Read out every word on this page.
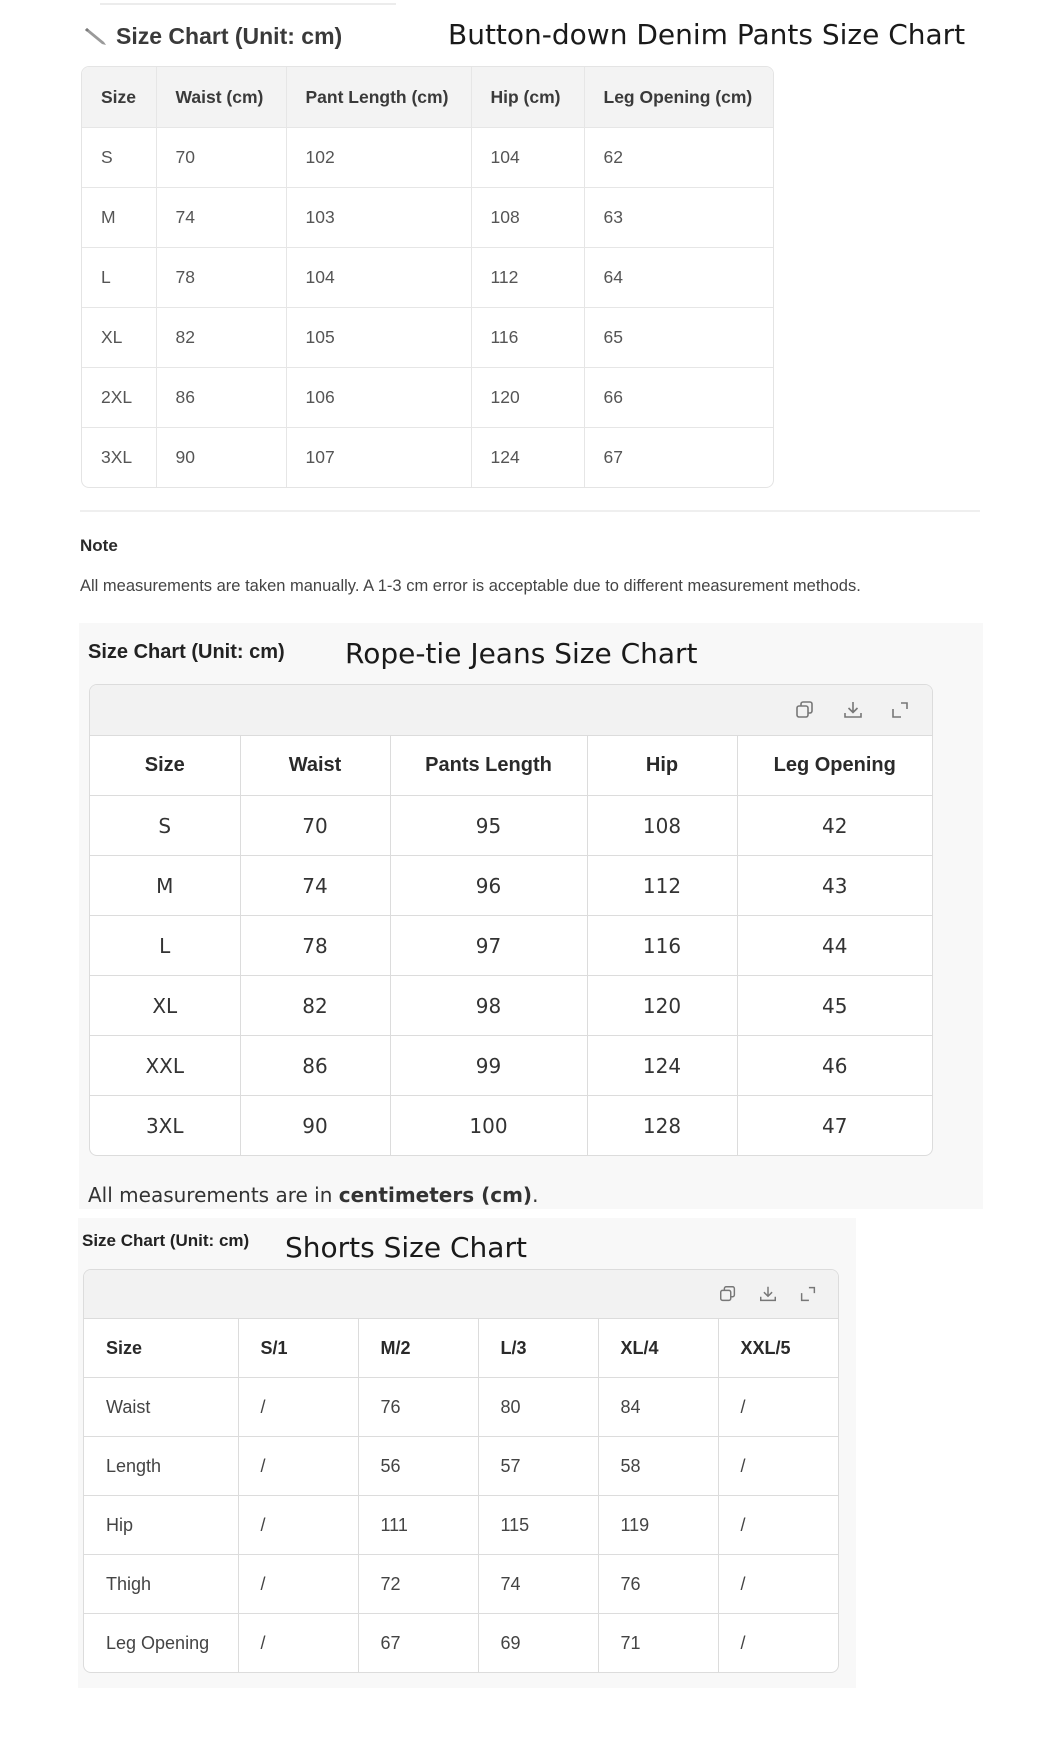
Size Chart (Unit: cm)	Button-down Denim Pants Size Chart
Size	Waist (cm)	Pant Length (cm)	Hip (cm)	Leg Opening (cm)
S	70	102	104	62
M	74	103	108	63
L	78	104	112	64
XL	82	105	116	65
2XL	86	106	120	66
3XL	90	107	124	67
Note
All measurements are taken manually. A 1-3 cm error is acceptable due to different measurement methods.
Size Chart (Unit: cm) Rope-tie Jeans Size Chart
Size	Waist	Pants Length	Hip	Leg Opening
S	70	95	108	42
M	74	96	112	43
L	78	97	116	44
XL	82	98	120	45
XXL	86	99	124	46
3XL	90	100	128	47
All measurements are in centimeters (cm).
Size Chart (Unit: cm) Shorts Size Chart
Size	S/1	M/2	L/3	XL/4	XXL/5
Waist	/	76	80	84	/
Length	/	56	57	58	/
Hip	/	111	115	119	/
Thigh	/	72	74	76	/
Leg Opening	/	67	69	71	/
